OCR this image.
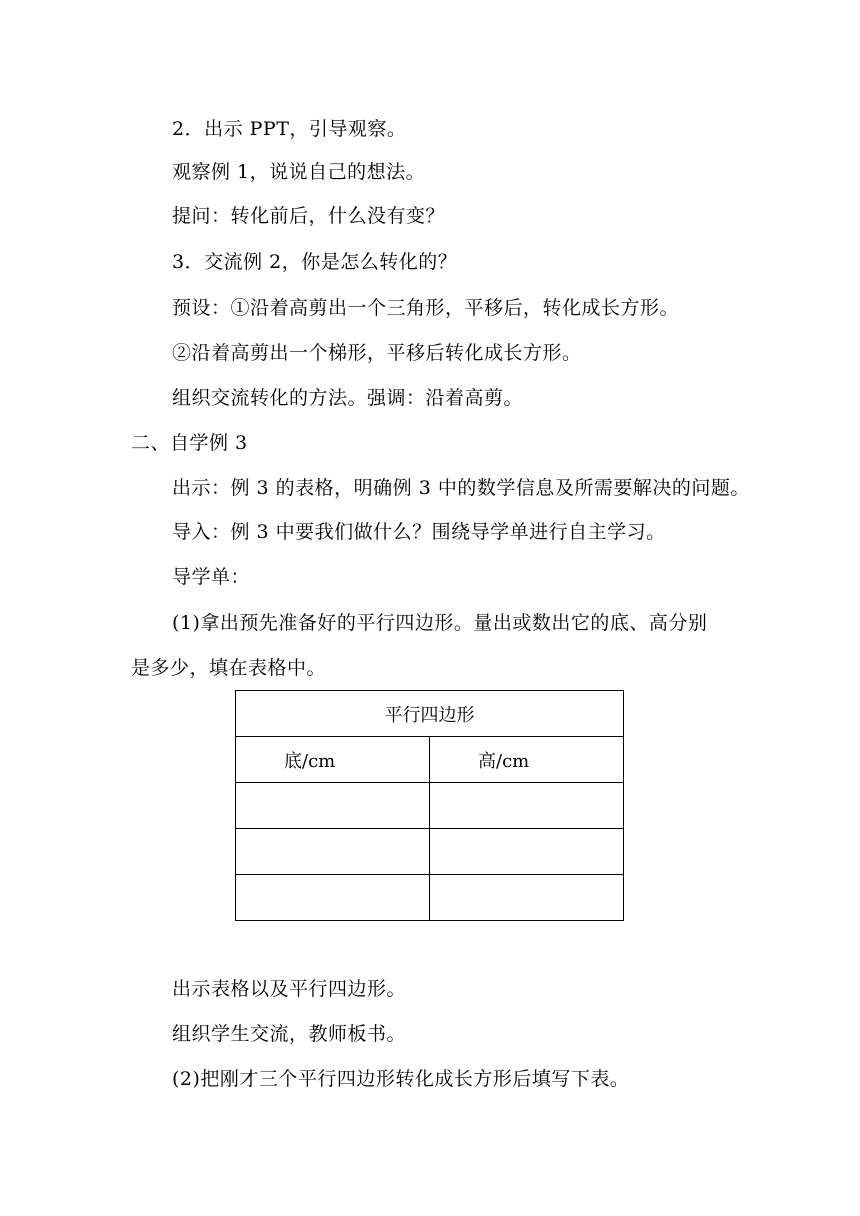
2．出示 PPT，引导观察。
观察例 1，说说自己的想法。
提问：转化前后，什么没有变？
3．交流例 2，你是怎么转化的？
预设：①沿着高剪出一个三角形，平移后，转化成长方形。
②沿着高剪出一个梯形，平移后转化成长方形。
组织交流转化的方法。强调：沿着高剪。
二、自学例 3
出示：例 3 的表格，明确例 3 中的数学信息及所需要解决的问题。
导入：例 3 中要我们做什么？围绕导学单进行自主学习。
导学单：
(1)拿出预先准备好的平行四边形。量出或数出它的底、高分别
是多少，填在表格中。
平行四边形	
底/cm	高/cm

出示表格以及平行四边形。
组织学生交流，教师板书。
(2)把刚才三个平行四边形转化成长方形后填写下表。
